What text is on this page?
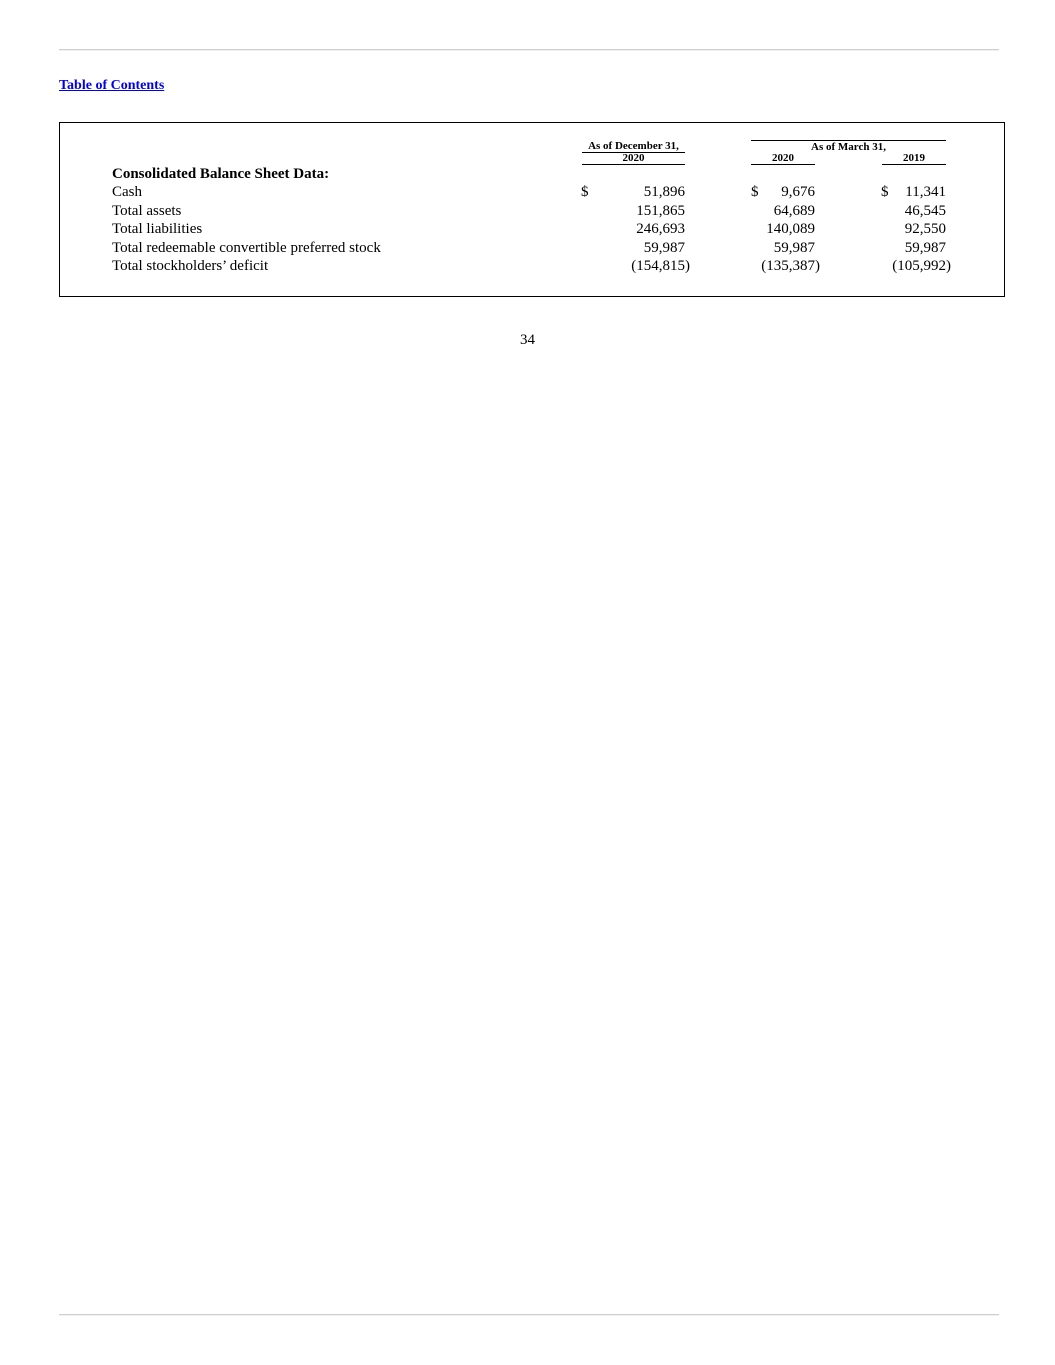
Table of Contents
As of December 31,
2020
As of March 31,
2020	2019
Consolidated Balance Sheet Data:
Cash	$	51,896	$	9,676	$	11,341
Total assets	151,865	64,689	46,545
Total liabilities	246,693	140,089	92,550
Total redeemable convertible preferred stock	59,987	59,987	59,987
Total stockholders’ deficit	(154,815)	(135,387)	(105,992)
34
